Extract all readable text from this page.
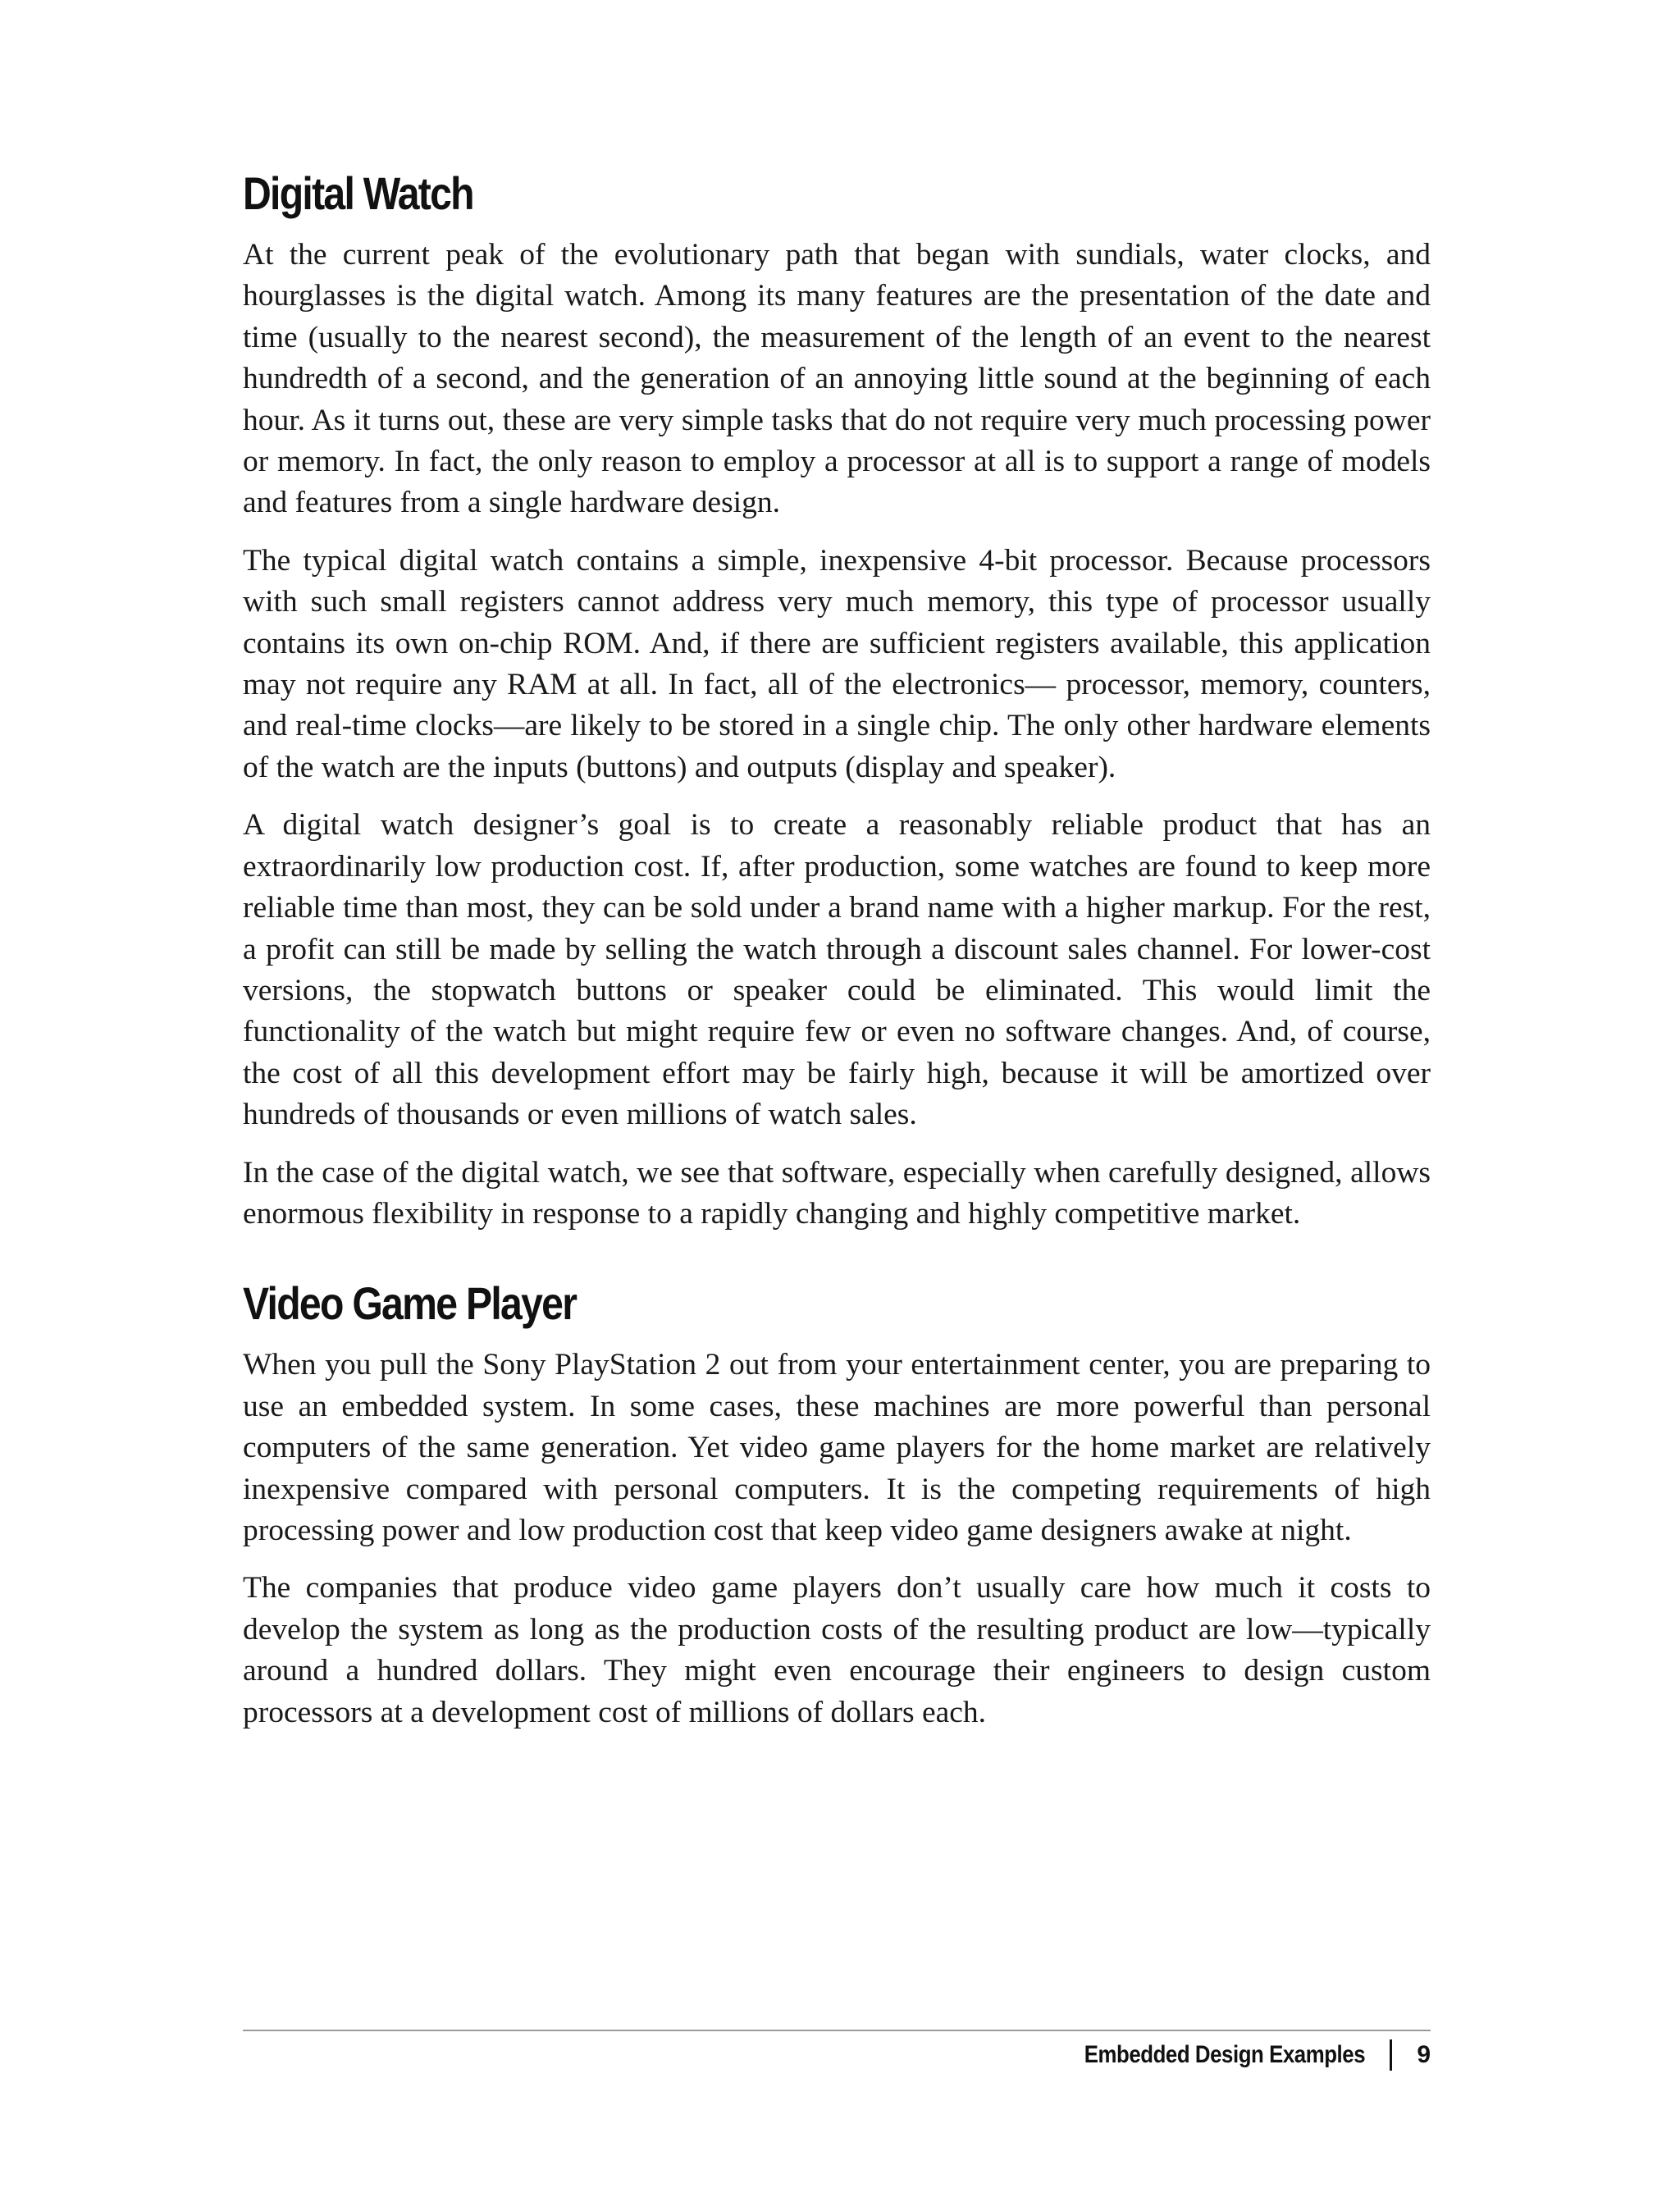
Digital Watch

At the current peak of the evolutionary path that began with sundials, water clocks, and hourglasses is the digital watch. Among its many features are the presentation of the date and time (usually to the nearest second), the measurement of the length of an event to the nearest hundredth of a second, and the generation of an annoying little sound at the beginning of each hour. As it turns out, these are very simple tasks that do not require very much processing power or memory. In fact, the only reason to employ a processor at all is to support a range of models and features from a single hardware design.

The typical digital watch contains a simple, inexpensive 4-bit processor. Because processors with such small registers cannot address very much memory, this type of processor usually contains its own on-chip ROM. And, if there are sufficient registers available, this application may not require any RAM at all. In fact, all of the electronics— processor, memory, counters, and real-time clocks—are likely to be stored in a single chip. The only other hardware elements of the watch are the inputs (buttons) and outputs (display and speaker).

A digital watch designer’s goal is to create a reasonably reliable product that has an extraordinarily low production cost. If, after production, some watches are found to keep more reliable time than most, they can be sold under a brand name with a higher markup. For the rest, a profit can still be made by selling the watch through a discount sales channel. For lower-cost versions, the stopwatch buttons or speaker could be eliminated. This would limit the functionality of the watch but might require few or even no software changes. And, of course, the cost of all this development effort may be fairly high, because it will be amortized over hundreds of thousands or even millions of watch sales.

In the case of the digital watch, we see that software, especially when carefully designed, allows enormous flexibility in response to a rapidly changing and highly competitive market.

Video Game Player

When you pull the Sony PlayStation 2 out from your entertainment center, you are preparing to use an embedded system. In some cases, these machines are more powerful than personal computers of the same generation. Yet video game players for the home market are relatively inexpensive compared with personal computers. It is the competing requirements of high processing power and low production cost that keep video game designers awake at night.

The companies that produce video game players don’t usually care how much it costs to develop the system as long as the production costs of the resulting product are low—typically around a hundred dollars. They might even encourage their engineers to design custom processors at a development cost of millions of dollars each.

Embedded Design Examples 9
